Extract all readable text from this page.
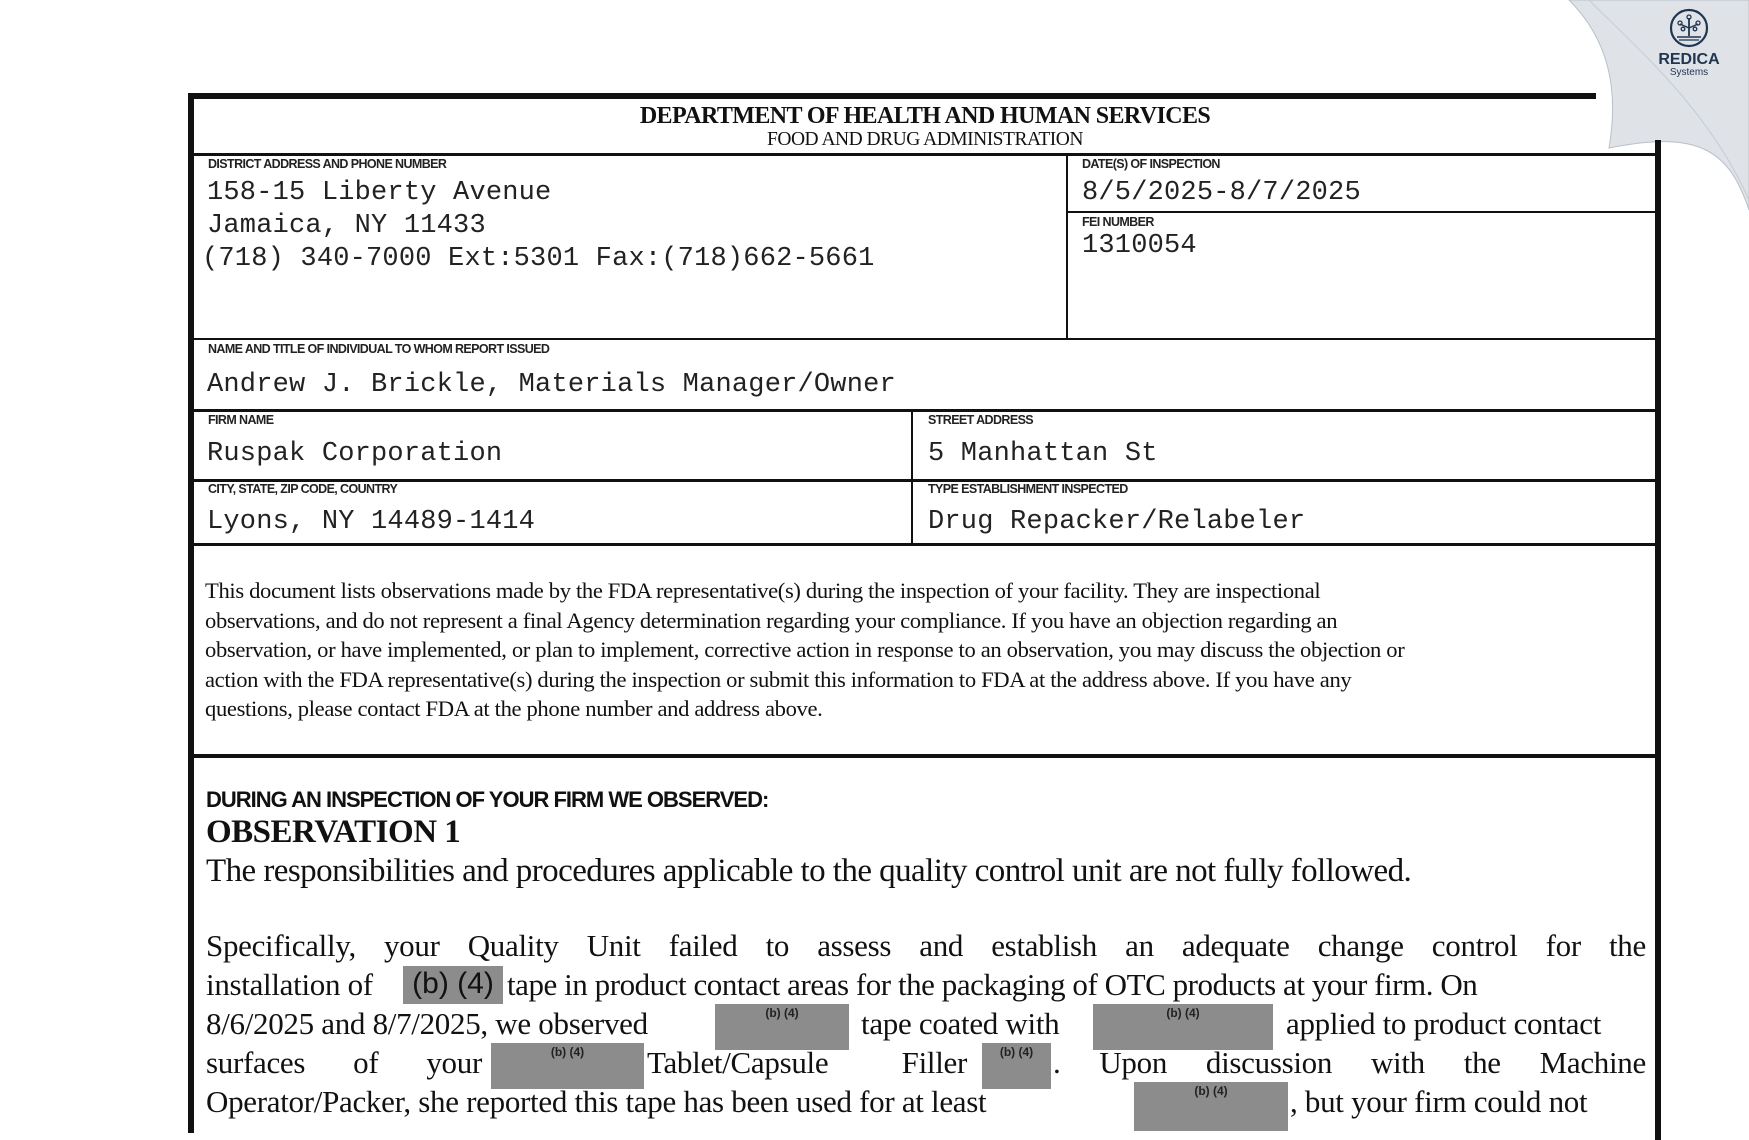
REDICA
Systems
DEPARTMENT OF HEALTH AND HUMAN SERVICES
FOOD AND DRUG ADMINISTRATION
DISTRICT ADDRESS AND PHONE NUMBER
158-15 Liberty Avenue
Jamaica, NY 11433
(718) 340-7000 Ext:5301 Fax:(718)662-5661
DATE(S) OF INSPECTION
8/5/2025-8/7/2025
FEI NUMBER
1310054
NAME AND TITLE OF INDIVIDUAL TO WHOM REPORT ISSUED
Andrew J. Brickle, Materials Manager/Owner
FIRM NAME
Ruspak Corporation
STREET ADDRESS
5 Manhattan St
CITY, STATE, ZIP CODE, COUNTRY
Lyons, NY 14489-1414
TYPE ESTABLISHMENT INSPECTED
Drug Repacker/Relabeler
This document lists observations made by the FDA representative(s) during the inspection of your facility. They are inspectional
observations, and do not represent a final Agency determination regarding your compliance. If you have an objection regarding an
observation, or have implemented, or plan to implement, corrective action in response to an observation, you may discuss the objection or
action with the FDA representative(s) during the inspection or submit this information to FDA at the address above. If you have any
questions, please contact FDA at the phone number and address above.
DURING AN INSPECTION OF YOUR FIRM WE OBSERVED:
OBSERVATION 1
The responsibilities and procedures applicable to the quality control unit are not fully followed.
Specifically, your Quality Unit failed to assess and establish an adequate change control for the
installation of	(b) (4) tape in product contact areas for the packaging of OTC products at your firm. On
8/6/2025 and 8/7/2025, we observed	(b) (4)	tape coated with	(b) (4)	applied to product contact
surfaces of your	(b) (4)	Tablet/Capsule Filler	(b) (4) . Upon discussion with the Machine
Operator/Packer, she reported this tape has been used for at least	(b) (4)	, but your firm could not
